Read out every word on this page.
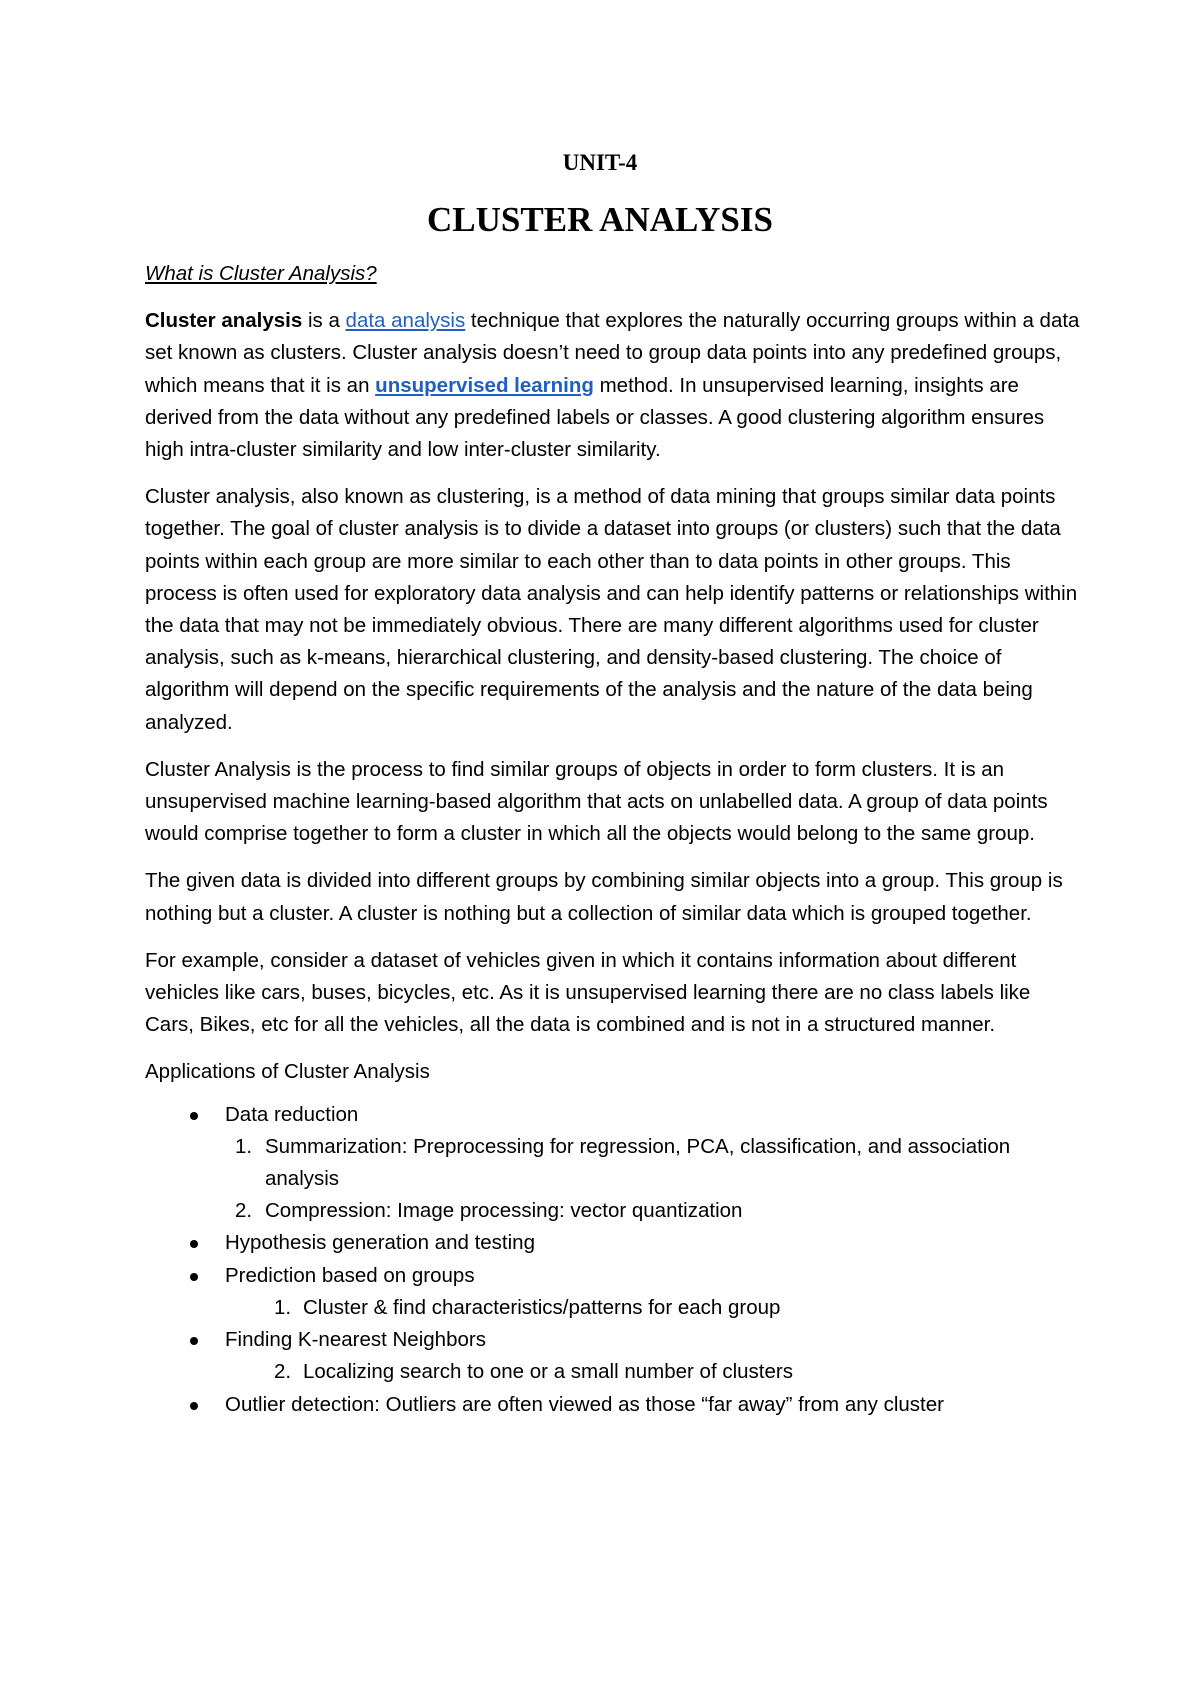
UNIT-4
CLUSTER ANALYSIS
What is Cluster Analysis?
Cluster analysis is a data analysis technique that explores the naturally occurring groups within a data set known as clusters. Cluster analysis doesn’t need to group data points into any predefined groups, which means that it is an unsupervised learning method. In unsupervised learning, insights are derived from the data without any predefined labels or classes. A good clustering algorithm ensures high intra-cluster similarity and low inter-cluster similarity.
Cluster analysis, also known as clustering, is a method of data mining that groups similar data points together. The goal of cluster analysis is to divide a dataset into groups (or clusters) such that the data points within each group are more similar to each other than to data points in other groups. This process is often used for exploratory data analysis and can help identify patterns or relationships within the data that may not be immediately obvious. There are many different algorithms used for cluster analysis, such as k-means, hierarchical clustering, and density-based clustering. The choice of algorithm will depend on the specific requirements of the analysis and the nature of the data being analyzed.
Cluster Analysis is the process to find similar groups of objects in order to form clusters. It is an unsupervised machine learning-based algorithm that acts on unlabelled data. A group of data points would comprise together to form a cluster in which all the objects would belong to the same group.
The given data is divided into different groups by combining similar objects into a group. This group is nothing but a cluster. A cluster is nothing but a collection of similar data which is grouped together.
For example, consider a dataset of vehicles given in which it contains information about different vehicles like cars, buses, bicycles, etc. As it is unsupervised learning there are no class labels like Cars, Bikes, etc for all the vehicles, all the data is combined and is not in a structured manner.
Applications of Cluster Analysis
Data reduction
1. Summarization: Preprocessing for regression, PCA, classification, and association analysis
2. Compression: Image processing: vector quantization
Hypothesis generation and testing
Prediction based on groups
1. Cluster & find characteristics/patterns for each group
Finding K-nearest Neighbors
2. Localizing search to one or a small number of clusters
Outlier detection: Outliers are often viewed as those “far away” from any cluster
